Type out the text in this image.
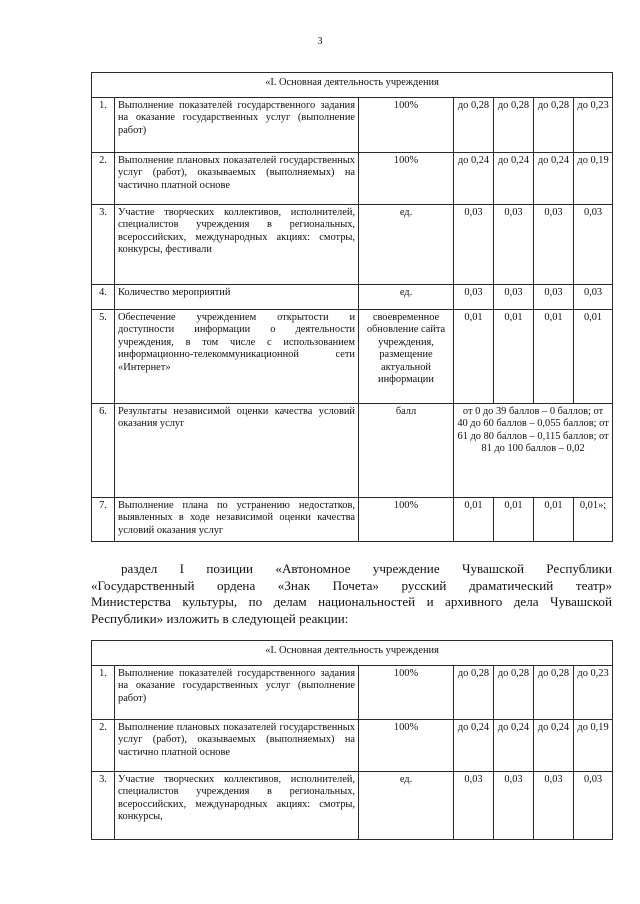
3
«I. Основная деятельность учреждения						
1.	Выполнение показателей государственного задания на оказание государственных услуг (выполнение работ)	100%	до 0,28	до 0,28	до 0,28	до 0,23
2.	Выполнение плановых показателей государственных услуг (работ), оказываемых (выполняемых) на частично платной основе	100%	до 0,24	до 0,24	до 0,24	до 0,19
3.	Участие творческих коллективов, исполнителей, специалистов учреждения в региональных, всероссийских, международных акциях: смотры, конкурсы, фестивали	ед.	0,03	0,03	0,03	0,03
4.	Количество мероприятий	ед.	0,03	0,03	0,03	0,03
5.	Обеспечение учреждением открытости и доступности информации о деятельности учреждения, в том числе с использованием информационно-телекоммуникационной сети «Интернет»	своевременное обновление сайта учреждения, размещение актуальной информации	0,01	0,01	0,01	0,01
6.	Результаты независимой оценки качества условий оказания услуг	балл	от 0 до 39 баллов – 0 баллов; от 40 до 60 баллов – 0,055 баллов; от 61 до 80 баллов – 0,115 баллов; от 81 до 100 баллов – 0,02			
7.	Выполнение плана по устранению недостатков, выявленных в ходе независимой оценки качества условий оказания услуг	100%	0,01	0,01	0,01	0,01»;
раздел I позиции «Автономное учреждение Чувашской Республики
«Государственный ордена «Знак Почета» русский драматический театр»
Министерства культуры, по делам национальностей и архивного дела Чувашской
Республики» изложить в следующей реакции:
«I. Основная деятельность учреждения						
1.	Выполнение показателей государственного задания на оказание государственных услуг (выполнение работ)	100%	до 0,28	до 0,28	до 0,28	до 0,23
2.	Выполнение плановых показателей государственных услуг (работ), оказываемых (выполняемых) на частично платной основе	100%	до 0,24	до 0,24	до 0,24	до 0,19
3.	Участие творческих коллективов, исполнителей, специалистов учреждения в региональных, всероссийских, международных акциях: смотры, конкурсы,	ед.	0,03	0,03	0,03	0,03
